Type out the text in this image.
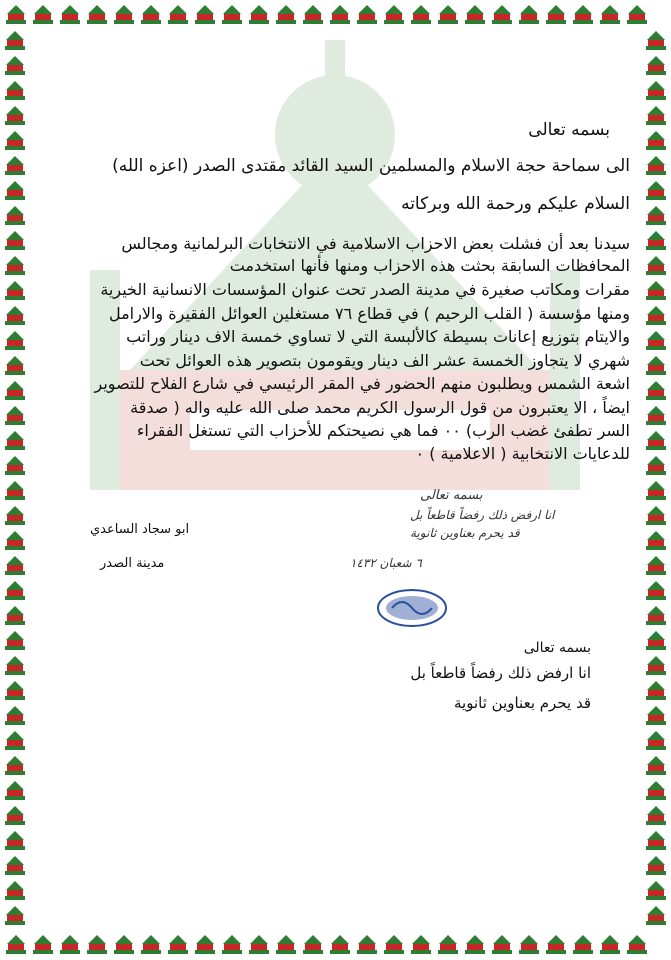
بسمه تعالى
الى سماحة حجة الاسلام والمسلمين السيد القائد مقتدى الصدر (اعزه الله)
السلام عليكم ورحمة الله وبركاته
سيدنا بعد أن فشلت بعض الاحزاب الاسلامية في الانتخابات البرلمانية ومجالس
المحافظات السابقة بحثت هذه الاحزاب ومنها فأنها استخدمت
مقرات ومكاتب صغيرة في مدينة الصدر تحت عنوان المؤسسات الانسانية الخيرية
ومنها مؤسسة ( القلب الرحيم ) في قطاع ٧٦ مستغلين العوائل الفقيرة والارامل
والايتام بتوزيع إعانات بسيطة كالألبسة التي لا تساوي خمسة الاف دينار وراتب
شهري لا يتجاوز الخمسة عشر الف دينار ويقومون بتصوير هذه العوائل تحت
اشعة الشمس ويطلبون منهم الحضور في المقر الرئيسي في شارع الفلاح للتصوير
ايضاً ، الا يعتبرون من قول الرسول الكريم محمد صلى الله عليه واله ( صدقة
السر تطفئ غضب الرب) ٠٠ فما هي نصيحتكم للأحزاب التي تستغل الفقراء
للدعايات الانتخابية ( الاعلامية ) ٠
ابو سجاد الساعدي
مدينة الصدر
بسمه تعالى
انا ارفض ذلك رفضاً قاطعاً بل
قد يحرم بعناوين ثانوية
٦ شعبان ١٤٣٢
بسمه تعالى
انا ارفض ذلك رفضاً قاطعاً بل
قد يحرم بعناوين ثانوية
